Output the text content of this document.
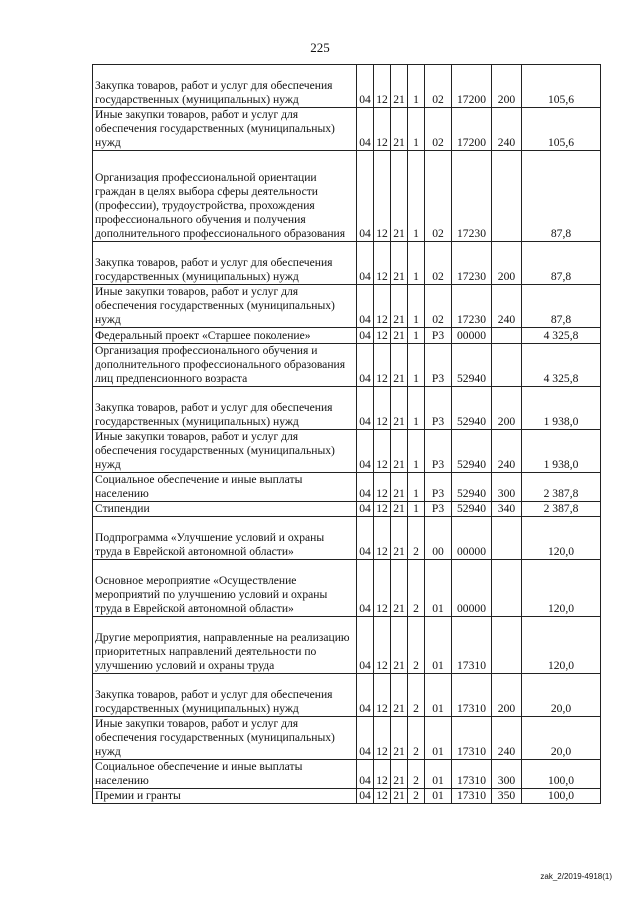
225
Закупка товаров, работ и услуг для обеспечения государственных (муниципальных) нужд	04	12	21	1	02	17200	200	105,6
Иные закупки товаров, работ и услуг для обеспечения государственных (муниципальных) нужд	04	12	21	1	02	17200	240	105,6
Организация профессиональной ориентации граждан в целях выбора сферы деятельности (профессии), трудоустройства, прохождения профессионального обучения и получения дополнительного профессионального образования	04	12	21	1	02	17230		87,8
Закупка товаров, работ и услуг для обеспечения государственных (муниципальных) нужд	04	12	21	1	02	17230	200	87,8
Иные закупки товаров, работ и услуг для обеспечения государственных (муниципальных) нужд	04	12	21	1	02	17230	240	87,8
Федеральный проект «Старшее поколение»	04	12	21	1	P3	00000		4 325,8
Организация профессионального обучения и дополнительного профессионального образования лиц предпенсионного возраста	04	12	21	1	P3	52940		4 325,8
Закупка товаров, работ и услуг для обеспечения государственных (муниципальных) нужд	04	12	21	1	P3	52940	200	1 938,0
Иные закупки товаров, работ и услуг для обеспечения государственных (муниципальных) нужд	04	12	21	1	P3	52940	240	1 938,0
Социальное обеспечение и иные выплаты населению	04	12	21	1	P3	52940	300	2 387,8
Стипендии	04	12	21	1	P3	52940	340	2 387,8
Подпрограмма «Улучшение условий и охраны труда в Еврейской автономной области»	04	12	21	2	00	00000		120,0
Основное мероприятие «Осуществление мероприятий по улучшению условий и охраны труда в Еврейской автономной области»	04	12	21	2	01	00000		120,0
Другие мероприятия, направленные на реализацию приоритетных направлений деятельности по улучшению условий и охраны труда	04	12	21	2	01	17310		120,0
Закупка товаров, работ и услуг для обеспечения государственных (муниципальных) нужд	04	12	21	2	01	17310	200	20,0
Иные закупки товаров, работ и услуг для обеспечения государственных (муниципальных) нужд	04	12	21	2	01	17310	240	20,0
Социальное обеспечение и иные выплаты населению	04	12	21	2	01	17310	300	100,0
Премии и гранты	04	12	21	2	01	17310	350	100,0
zak_2/2019-4918(1)
